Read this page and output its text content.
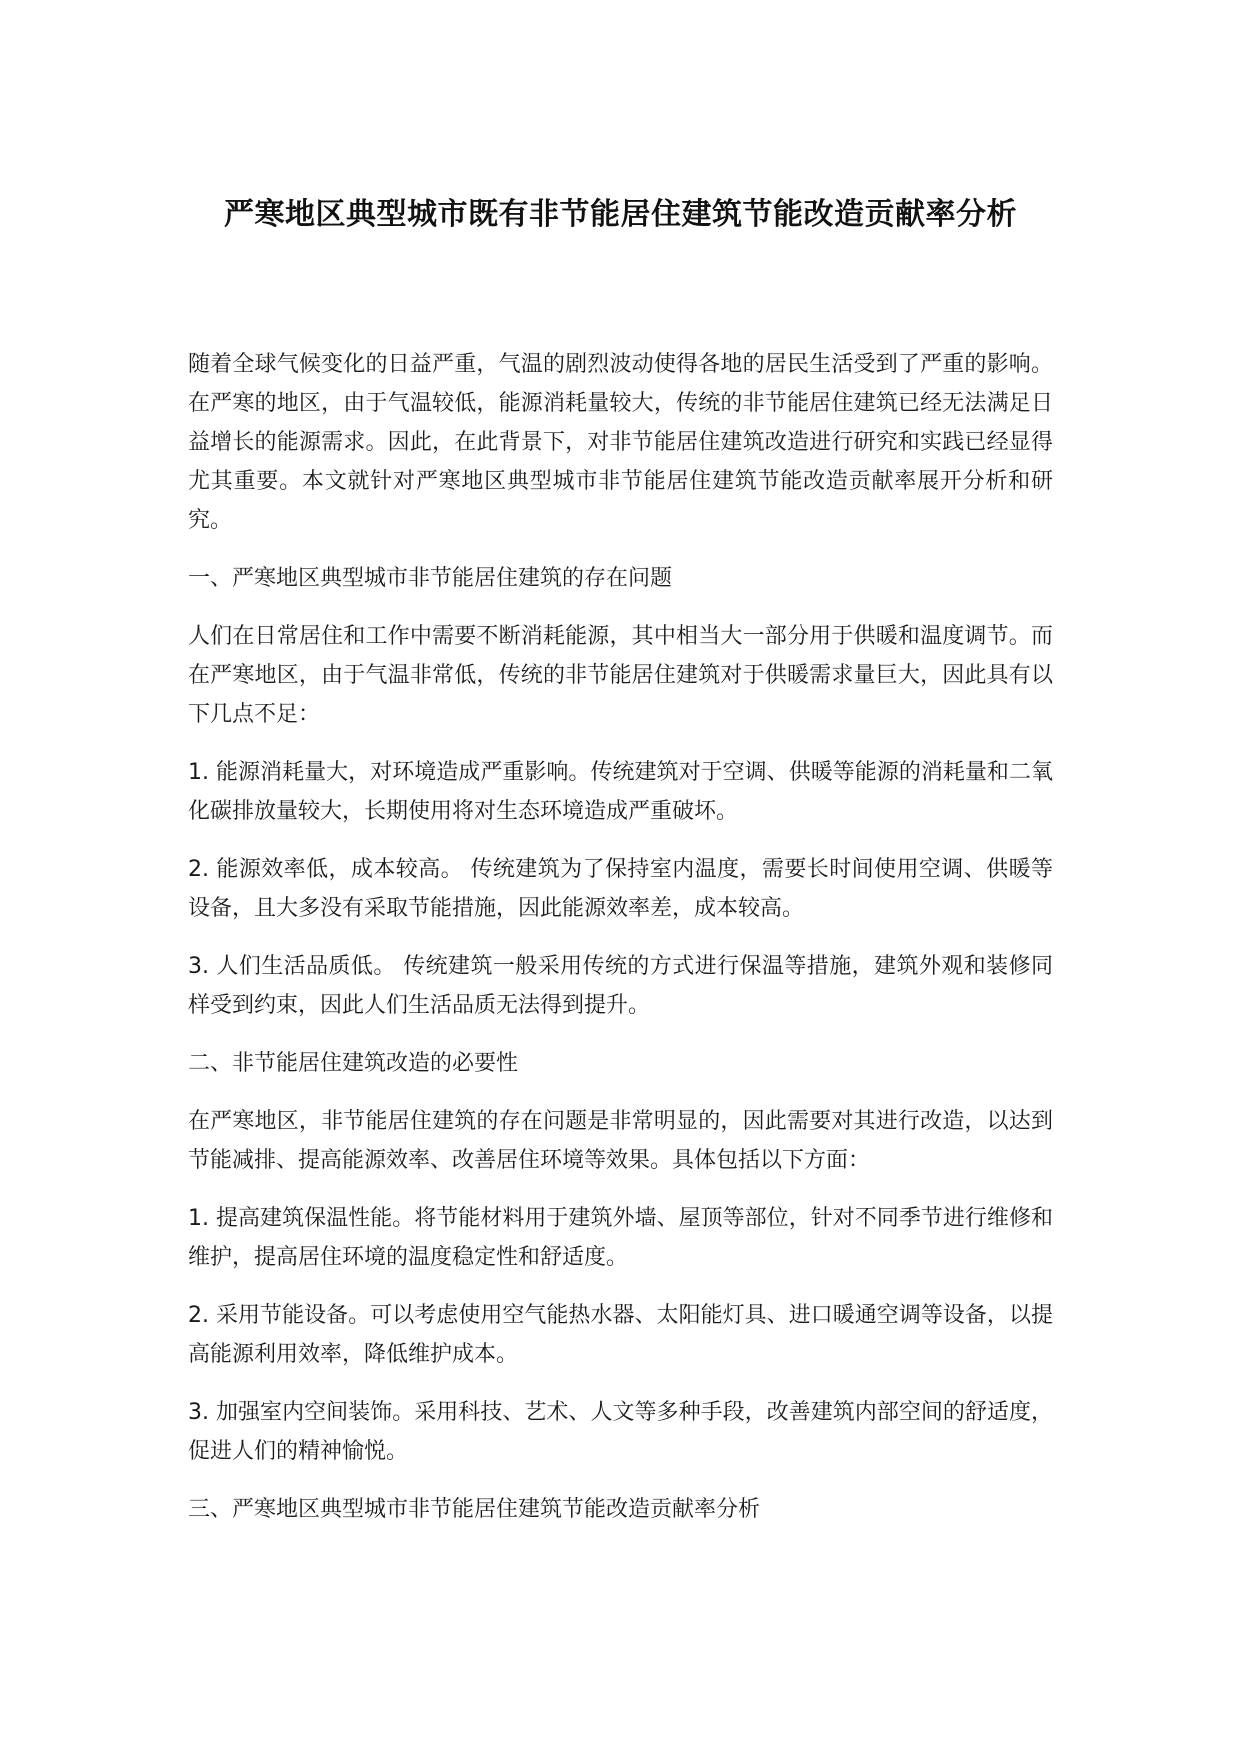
严寒地区典型城市既有非节能居住建筑节能改造贡献率分析

随着全球气候变化的日益严重，气温的剧烈波动使得各地的居民生活受到了严重的影响。在严寒的地区，由于气温较低，能源消耗量较大，传统的非节能居住建筑已经无法满足日益增长的能源需求。因此，在此背景下，对非节能居住建筑改造进行研究和实践已经显得尤其重要。本文就针对严寒地区典型城市非节能居住建筑节能改造贡献率展开分析和研究。

一、严寒地区典型城市非节能居住建筑的存在问题

人们在日常居住和工作中需要不断消耗能源，其中相当大一部分用于供暖和温度调节。而在严寒地区，由于气温非常低，传统的非节能居住建筑对于供暖需求量巨大，因此具有以下几点不足：

1. 能源消耗量大，对环境造成严重影响。传统建筑对于空调、供暖等能源的消耗量和二氧化碳排放量较大，长期使用将对生态环境造成严重破坏。

2. 能源效率低，成本较高。 传统建筑为了保持室内温度，需要长时间使用空调、供暖等设备，且大多没有采取节能措施，因此能源效率差，成本较高。

3. 人们生活品质低。 传统建筑一般采用传统的方式进行保温等措施，建筑外观和装修同样受到约束，因此人们生活品质无法得到提升。

二、非节能居住建筑改造的必要性

在严寒地区，非节能居住建筑的存在问题是非常明显的，因此需要对其进行改造，以达到节能减排、提高能源效率、改善居住环境等效果。具体包括以下方面：

1. 提高建筑保温性能。将节能材料用于建筑外墙、屋顶等部位，针对不同季节进行维修和维护，提高居住环境的温度稳定性和舒适度。

2. 采用节能设备。可以考虑使用空气能热水器、太阳能灯具、进口暖通空调等设备，以提高能源利用效率，降低维护成本。

3. 加强室内空间装饰。采用科技、艺术、人文等多种手段，改善建筑内部空间的舒适度，促进人们的精神愉悦。

三、严寒地区典型城市非节能居住建筑节能改造贡献率分析
